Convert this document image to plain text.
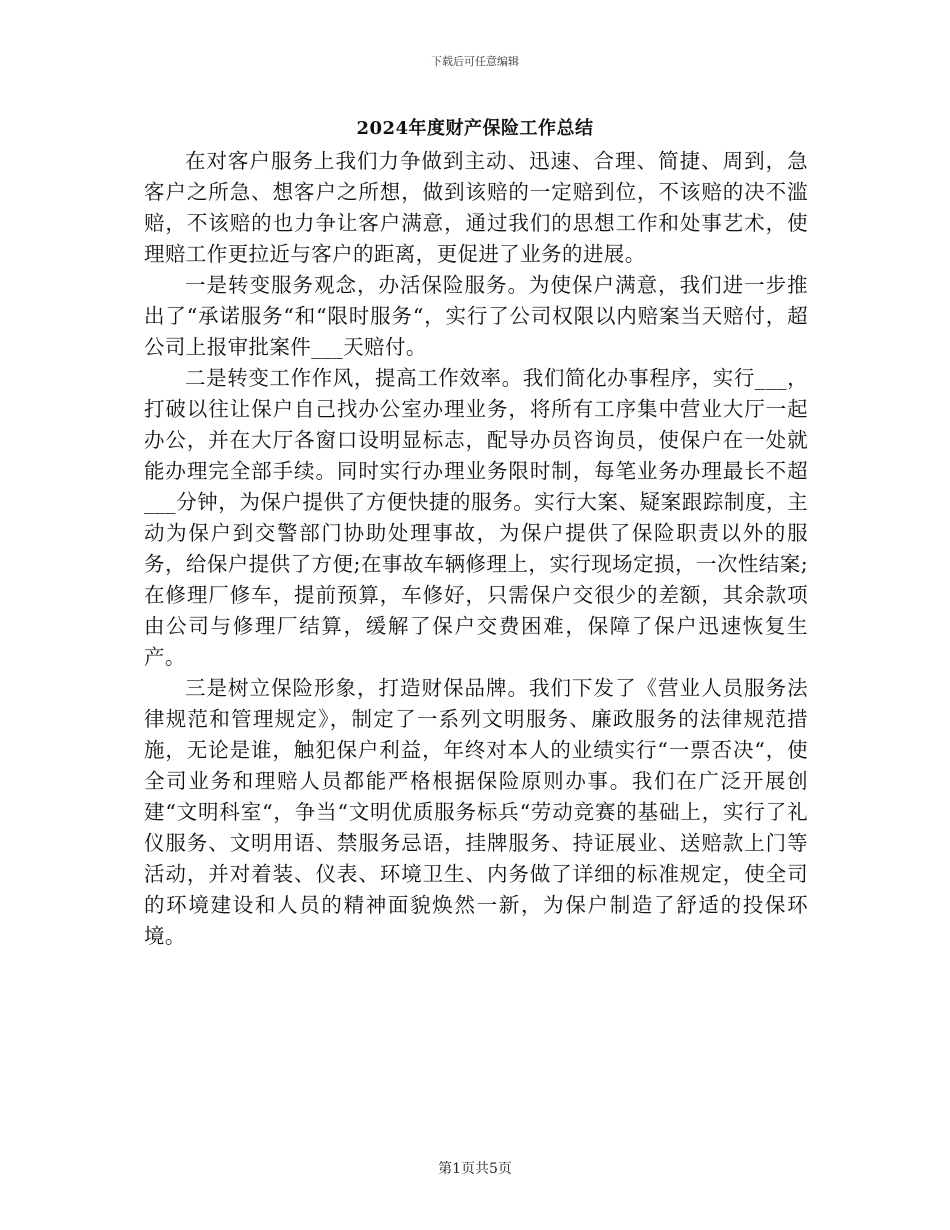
下载后可任意编辑
2024年度财产保险工作总结

在对客户服务上我们力争做到主动、迅速、合理、简捷、周到，急客户之所急、想客户之所想，做到该赔的一定赔到位，不该赔的决不滥赔，不该赔的也力争让客户满意，通过我们的思想工作和处事艺术，使理赔工作更拉近与客户的距离，更促进了业务的进展。

一是转变服务观念，办活保险服务。为使保户满意，我们进一步推出了“承诺服务“和“限时服务“，实行了公司权限以内赔案当天赔付，超公司上报审批案件___天赔付。

二是转变工作作风，提高工作效率。我们简化办事程序，实行___，打破以往让保户自己找办公室办理业务，将所有工序集中营业大厅一起办公，并在大厅各窗口设明显标志，配导办员咨询员，使保户在一处就能办理完全部手续。同时实行办理业务限时制，每笔业务办理最长不超___分钟，为保户提供了方便快捷的服务。实行大案、疑案跟踪制度，主动为保户到交警部门协助处理事故，为保户提供了保险职责以外的服务，给保户提供了方便;在事故车辆修理上，实行现场定损，一次性结案;在修理厂修车，提前预算，车修好，只需保户交很少的差额，其余款项由公司与修理厂结算，缓解了保户交费困难，保障了保户迅速恢复生产。

三是树立保险形象，打造财保品牌。我们下发了《营业人员服务法律规范和管理规定》，制定了一系列文明服务、廉政服务的法律规范措施，无论是谁，触犯保户利益，年终对本人的业绩实行“一票否决“，使全司业务和理赔人员都能严格根据保险原则办事。我们在广泛开展创建“文明科室“，争当“文明优质服务标兵“劳动竞赛的基础上，实行了礼仪服务、文明用语、禁服务忌语，挂牌服务、持证展业、送赔款上门等活动，并对着装、仪表、环境卫生、内务做了详细的标准规定，使全司的环境建设和人员的精神面貌焕然一新，为保户制造了舒适的投保环境。

第1页共5页
